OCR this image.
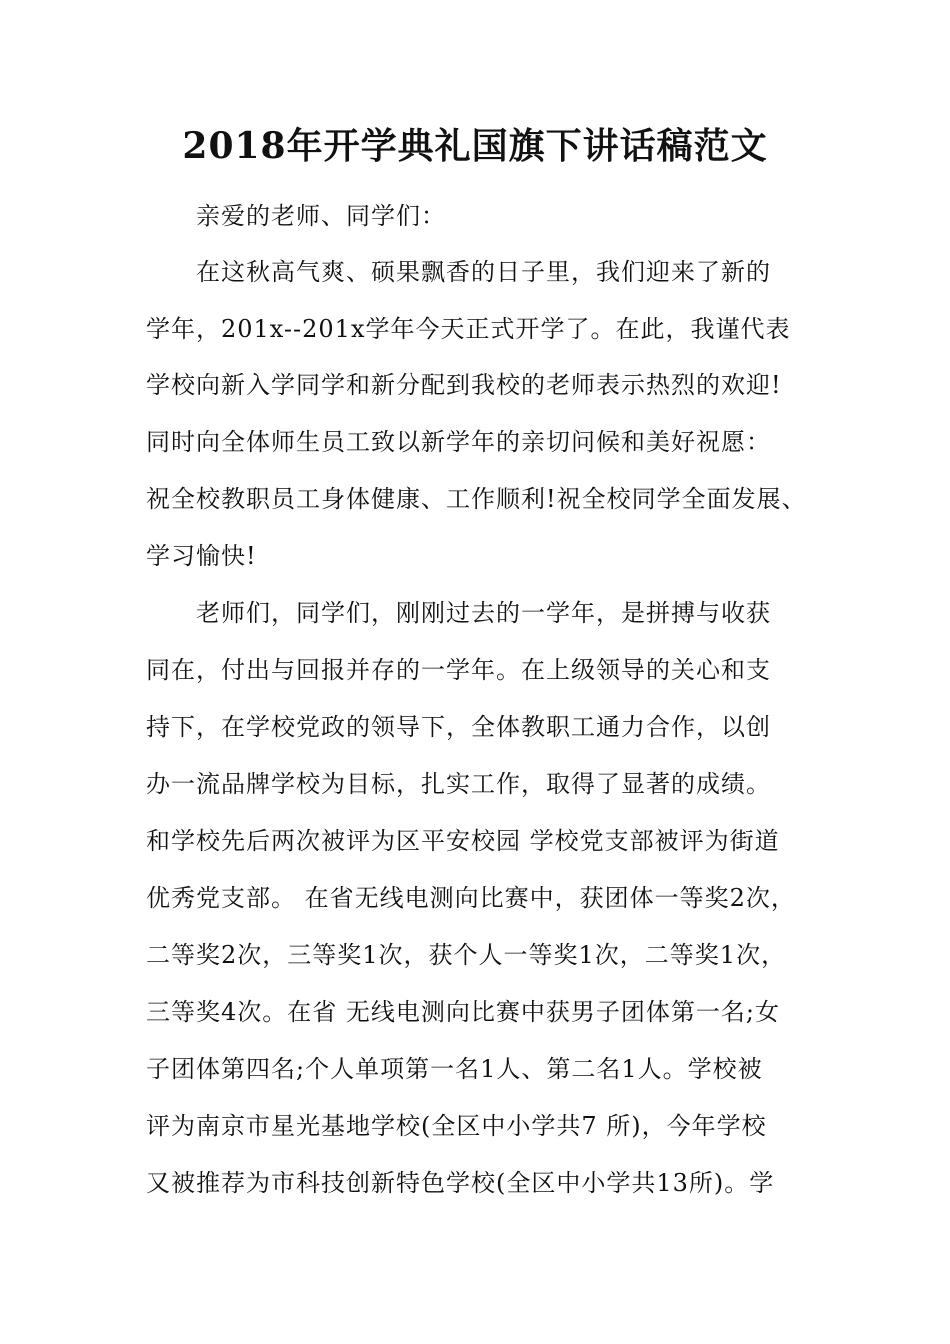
2018年开学典礼国旗下讲话稿范文
亲爱的老师、同学们：
在这秋高气爽、硕果飘香的日子里，我们迎来了新的
学年，201x--201x学年今天正式开学了。在此，我谨代表
学校向新入学同学和新分配到我校的老师表示热烈的欢迎!
同时向全体师生员工致以新学年的亲切问候和美好祝愿：
祝全校教职员工身体健康、工作顺利!祝全校同学全面发展、
学习愉快!
老师们，同学们，刚刚过去的一学年，是拼搏与收获
同在，付出与回报并存的一学年。在上级领导的关心和支
持下，在学校党政的领导下，全体教职工通力合作，以创
办一流品牌学校为目标，扎实工作，取得了显著的成绩。
和学校先后两次被评为区平安校园 学校党支部被评为街道
优秀党支部。 在省无线电测向比赛中，获团体一等奖2次，
二等奖2次，三等奖1次，获个人一等奖1次，二等奖1次，
三等奖4次。在省 无线电测向比赛中获男子团体第一名;女
子团体第四名;个人单项第一名1人、第二名1人。学校被
评为南京市星光基地学校(全区中小学共7 所)，今年学校
又被推荐为市科技创新特色学校(全区中小学共13所)。学
